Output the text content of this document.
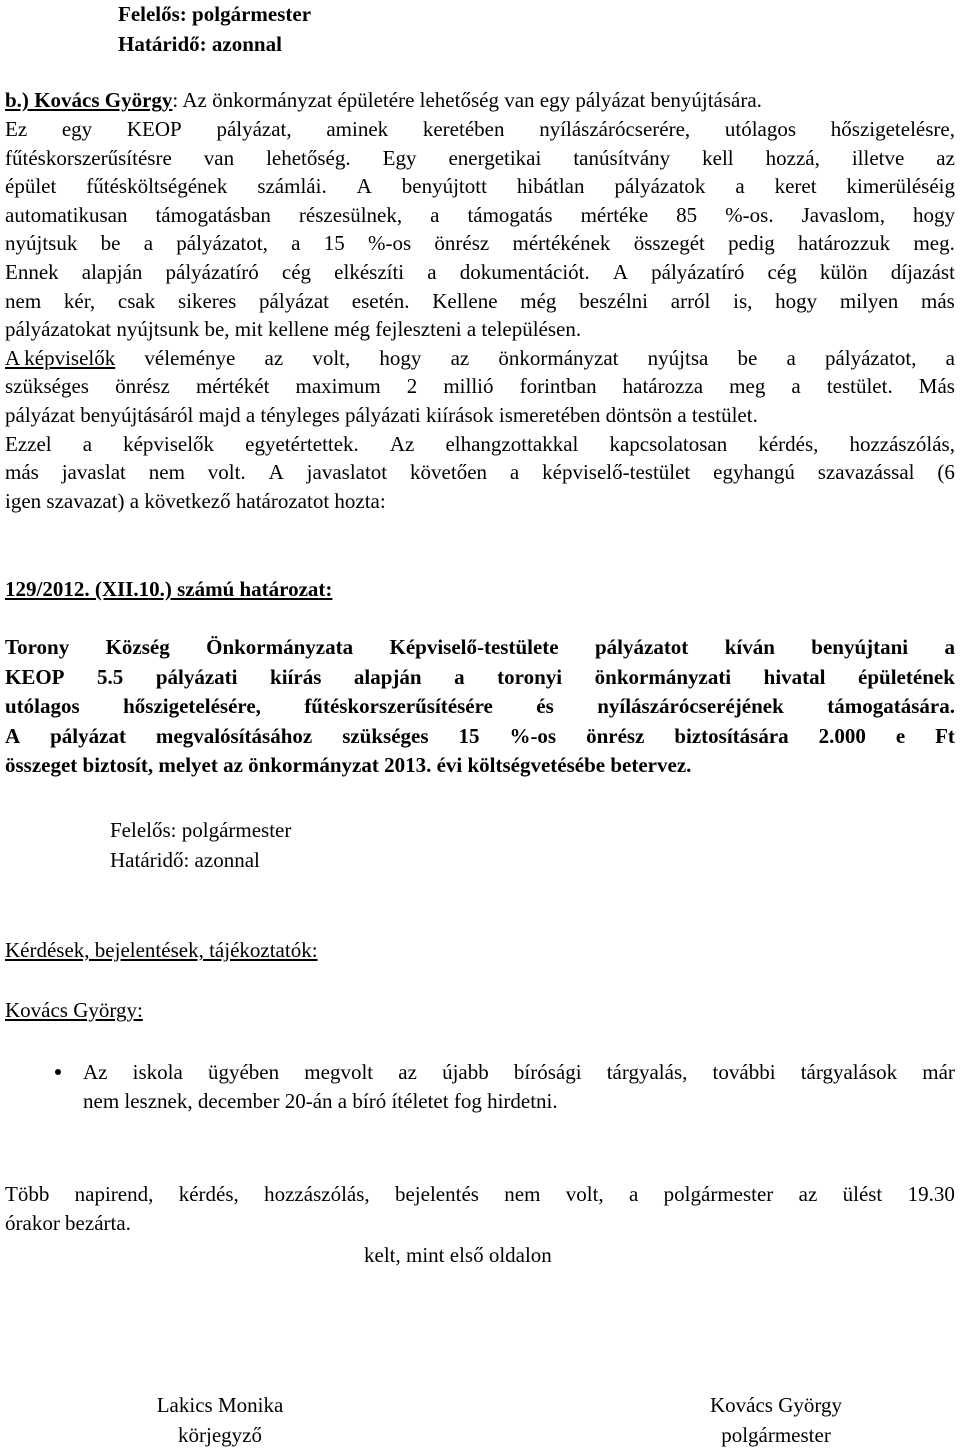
Felelős: polgármester
Határidő: azonnal
b.) Kovács György: Az önkormányzat épületére lehetőség van egy pályázat benyújtására.
Ez egy KEOP pályázat, aminek keretében nyílászárócserére, utólagos hőszigetelésre,
fűtéskorszerűsítésre van lehetőség. Egy energetikai tanúsítvány kell hozzá, illetve az
épület fűtésköltségének számlái. A benyújtott hibátlan pályázatok a keret kimerüléséig
automatikusan támogatásban részesülnek, a támogatás mértéke 85 %-os. Javaslom, hogy
nyújtsuk be a pályázatot, a 15 %-os önrész mértékének összegét pedig határozzuk meg.
Ennek alapján pályázatíró cég elkészíti a dokumentációt. A pályázatíró cég külön díjazást
nem kér, csak sikeres pályázat esetén. Kellene még beszélni arról is, hogy milyen más
pályázatokat nyújtsunk be, mit kellene még fejleszteni a településen.
A képviselők véleménye az volt, hogy az önkormányzat nyújtsa be a pályázatot, a
szükséges önrész mértékét maximum 2 millió forintban határozza meg a testület. Más
pályázat benyújtásáról majd a tényleges pályázati kiírások ismeretében döntsön a testület.
Ezzel a képviselők egyetértettek. Az elhangzottakkal kapcsolatosan kérdés, hozzászólás,
más javaslat nem volt. A javaslatot követően a képviselő-testület egyhangú szavazással (6
igen szavazat) a következő határozatot hozta:
129/2012. (XII.10.) számú határozat:
Torony Község Önkormányzata Képviselő-testülete pályázatot kíván benyújtani a
KEOP 5.5 pályázati kiírás alapján a toronyi önkormányzati hivatal épületének
utólagos hőszigetelésére, fűtéskorszerűsítésére és nyílászárócseréjének támogatására.
A pályázat megvalósításához szükséges 15 %-os önrész biztosítására 2.000 e Ft
összeget biztosít, melyet az önkormányzat 2013. évi költségvetésébe betervez.
Felelős: polgármester
Határidő: azonnal
Kérdések, bejelentések, tájékoztatók:
Kovács György:
Az iskola ügyében megvolt az újabb bírósági tárgyalás, további tárgyalások már
nem lesznek, december 20-án a bíró ítéletet fog hirdetni.
Több napirend, kérdés, hozzászólás, bejelentés nem volt, a polgármester az ülést 19.30
órakor bezárta.
kelt, mint első oldalon
Lakics Monika
körjegyző
Kovács György
polgármester
